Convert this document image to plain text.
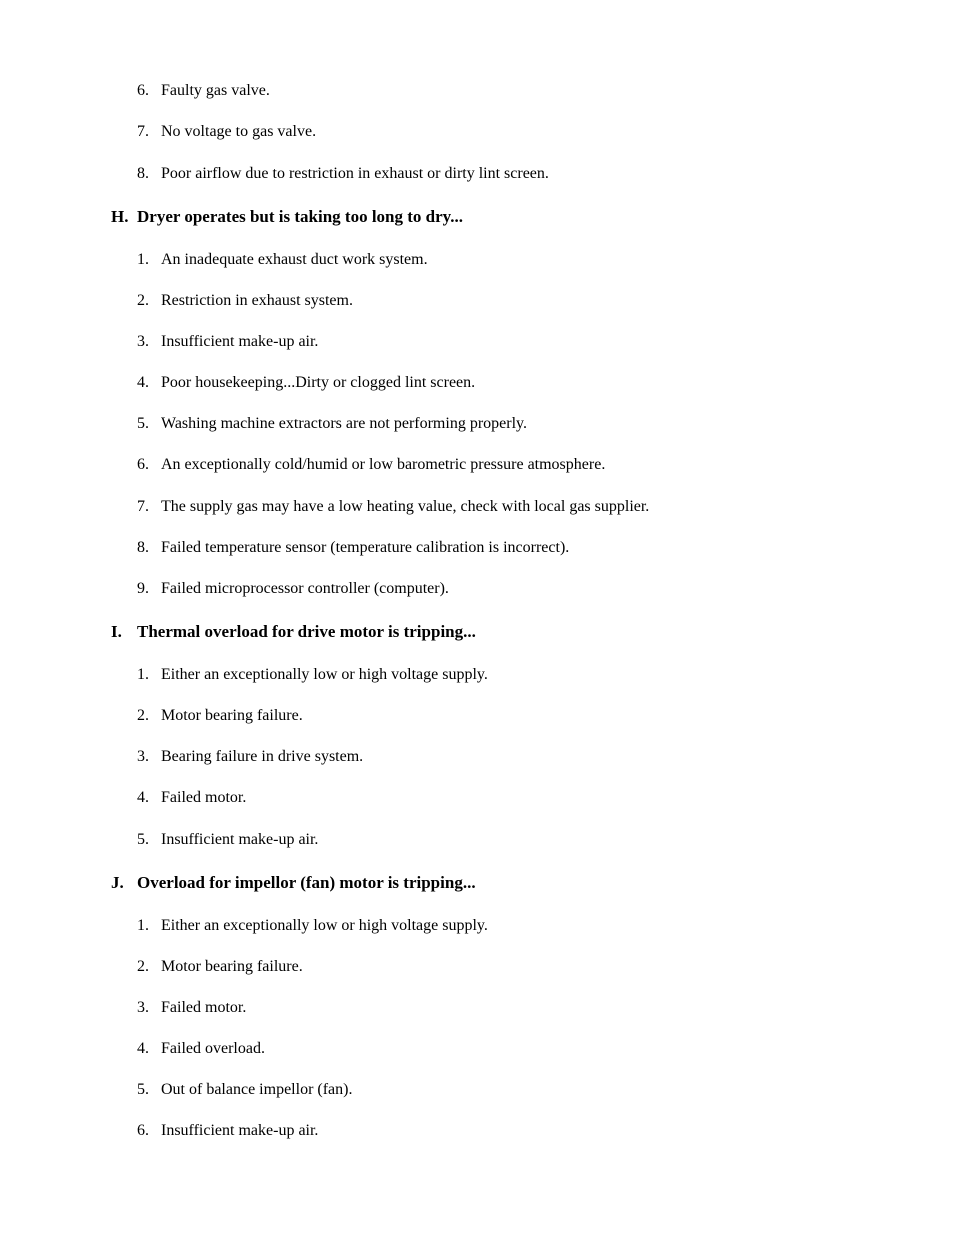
6. Faulty gas valve.
7. No voltage to gas valve.
8. Poor airflow due to restriction in exhaust or dirty lint screen.
H. Dryer operates but is taking too long to dry...
1. An inadequate exhaust duct work system.
2. Restriction in exhaust system.
3. Insufficient make-up air.
4. Poor housekeeping...Dirty or clogged lint screen.
5. Washing machine extractors are not performing properly.
6. An exceptionally cold/humid or low barometric pressure atmosphere.
7. The supply gas may have a low heating value, check with local gas supplier.
8. Failed temperature sensor (temperature calibration is incorrect).
9. Failed microprocessor controller (computer).
I. Thermal overload for drive motor is tripping...
1. Either an exceptionally low or high voltage supply.
2. Motor bearing failure.
3. Bearing failure in drive system.
4. Failed motor.
5. Insufficient make-up air.
J. Overload for impellor (fan) motor is tripping...
1. Either an exceptionally low or high voltage supply.
2. Motor bearing failure.
3. Failed motor.
4. Failed overload.
5. Out of balance impellor (fan).
6. Insufficient make-up air.
